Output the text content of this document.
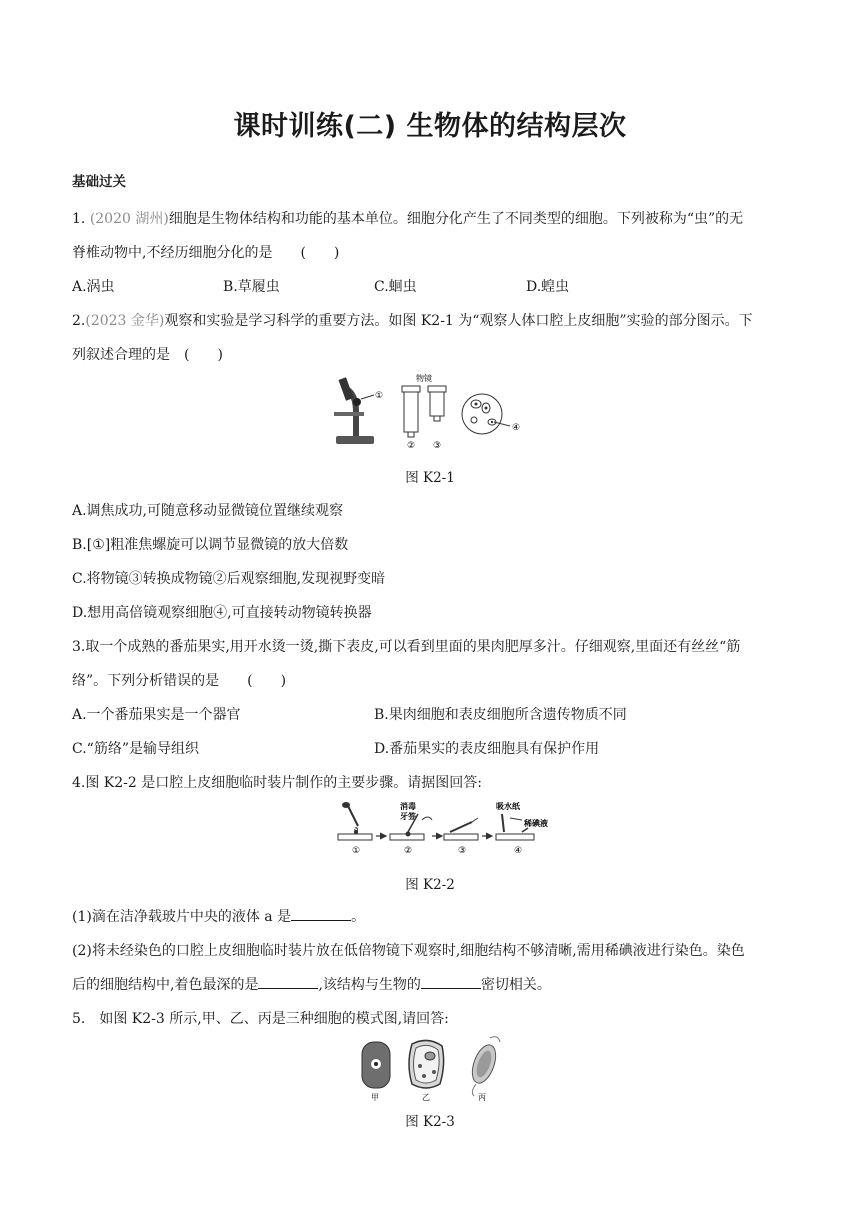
课时训练(二) 生物体的结构层次
基础过关
1. (2020 湖州)细胞是生物体结构和功能的基本单位。细胞分化产生了不同类型的细胞。下列被称为“虫”的无
脊椎动物中,不经历细胞分化的是　　(　　)
A.涡虫	B.草履虫	C.蛔虫	D.蝗虫
2.(2023 金华)观察和实验是学习科学的重要方法。如图 K2-1 为“观察人体口腔上皮细胞”实验的部分图示。下
列叙述合理的是　(　　)
①
物镜
② ③
④
图 K2-1
A.调焦成功,可随意移动显微镜位置继续观察
B.[①]粗准焦螺旋可以调节显微镜的放大倍数
C.将物镜③转换成物镜②后观察细胞,发现视野变暗
D.想用高倍镜观察细胞④,可直接转动物镜转换器
3.取一个成熟的番茄果实,用开水烫一烫,撕下表皮,可以看到里面的果肉肥厚多汁。仔细观察,里面还有丝丝“筋
络”。下列分析错误的是　　(　　)
A.一个番茄果实是一个器官	B.果肉细胞和表皮细胞所含遗传物质不同
C.“筋络”是输导组织	D.番茄果实的表皮细胞具有保护作用
4.图 K2-2 是口腔上皮细胞临时装片制作的主要步骤。请据图回答:
a
①
消毒
牙签
②	③
吸水纸
稀碘液
④
图 K2-2
(1)滴在洁净载玻片中央的液体 a 是	。
(2)将未经染色的口腔上皮细胞临时装片放在低倍物镜下观察时,细胞结构不够清晰,需用稀碘液进行染色。染色
后的细胞结构中,着色最深的是	,该结构与生物的	密切相关。
5.　如图 K2-3 所示,甲、乙、丙是三种细胞的模式图,请回答:
甲	乙	丙
图 K2-3
